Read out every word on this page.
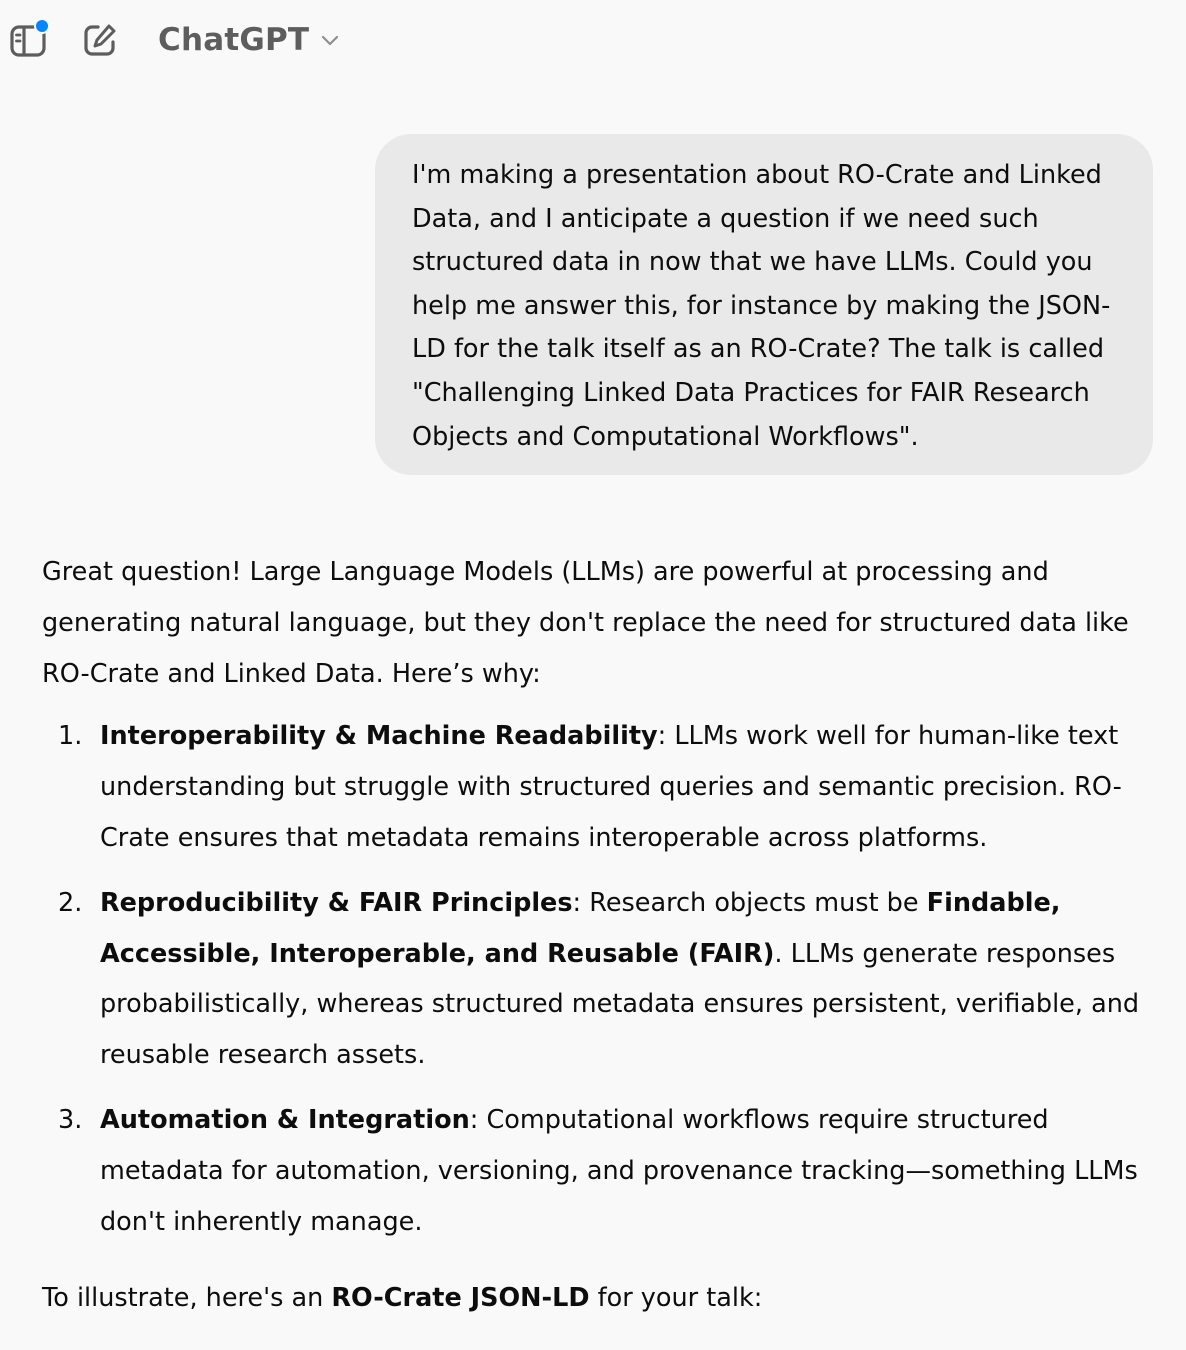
ChatGPT
I'm making a presentation about RO-Crate and Linked Data, and I anticipate a question if we need such structured data in now that we have LLMs. Could you help me answer this, for instance by making the JSON-LD for the talk itself as an RO-Crate? The talk is called "Challenging Linked Data Practices for FAIR Research Objects and Computational Workflows".

Great question! Large Language Models (LLMs) are powerful at processing and generating natural language, but they don't replace the need for structured data like RO-Crate and Linked Data. Here’s why:

1. Interoperability & Machine Readability: LLMs work well for human-like text understanding but struggle with structured queries and semantic precision. RO-Crate ensures that metadata remains interoperable across platforms.
2. Reproducibility & FAIR Principles: Research objects must be Findable, Accessible, Interoperable, and Reusable (FAIR). LLMs generate responses probabilistically, whereas structured metadata ensures persistent, verifiable, and reusable research assets.
3. Automation & Integration: Computational workflows require structured metadata for automation, versioning, and provenance tracking—something LLMs don't inherently manage.

To illustrate, here's an RO-Crate JSON-LD for your talk:
